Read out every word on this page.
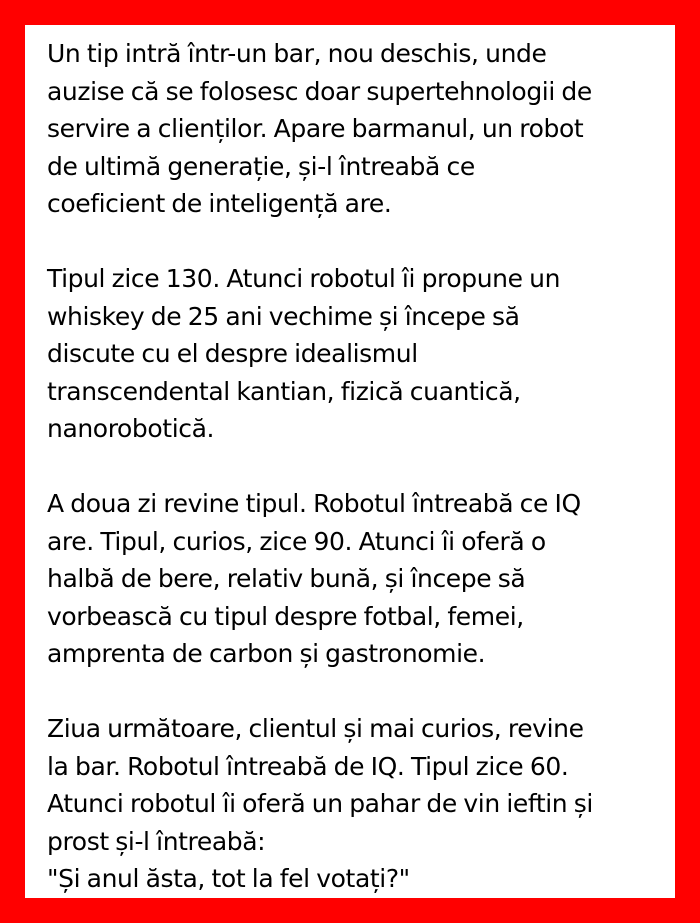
Un tip intră într-un bar, nou deschis, unde
auzise că se folosesc doar supertehnologii de
servire a clienților. Apare barmanul, un robot
de ultimă generație, și-l întreabă ce
coeficient de inteligență are.

Tipul zice 130. Atunci robotul îi propune un
whiskey de 25 ani vechime și începe să
discute cu el despre idealismul
transcendental kantian, fizică cuantică,
nanorobotică.

A doua zi revine tipul. Robotul întreabă ce IQ
are. Tipul, curios, zice 90. Atunci îi oferă o
halbă de bere, relativ bună, și începe să
vorbească cu tipul despre fotbal, femei,
amprenta de carbon și gastronomie.

Ziua următoare, clientul și mai curios, revine
la bar. Robotul întreabă de IQ. Tipul zice 60.
Atunci robotul îi oferă un pahar de vin ieftin și
prost și-l întreabă:
"Și anul ăsta, tot la fel votați?"
